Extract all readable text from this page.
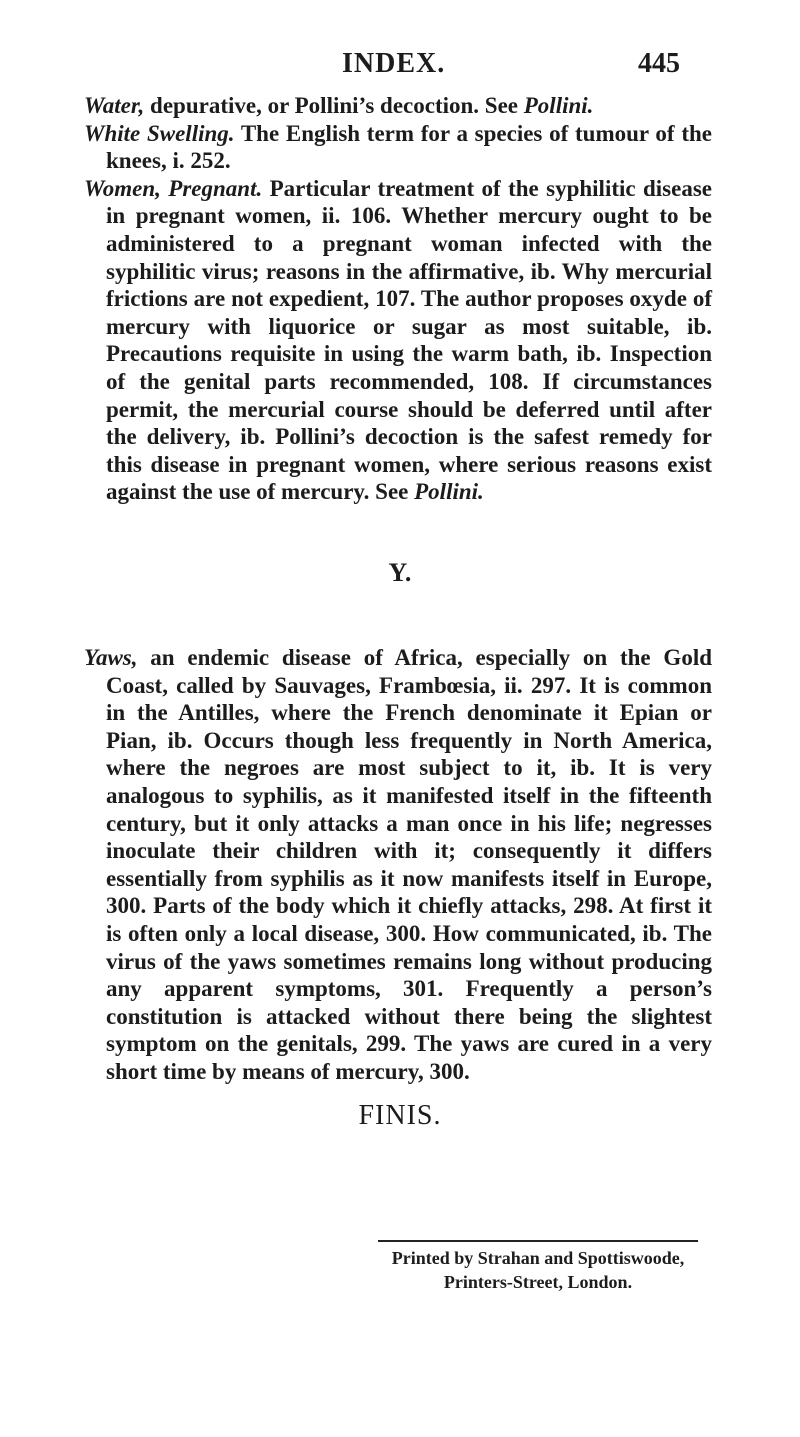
INDEX.	445

Water, depurative, or Pollini’s decoction. See Pollini.

White Swelling. The English term for a species of tumour of the knees, i. 252.

Women, Pregnant. Particular treatment of the syphilitic disease in pregnant women, ii. 106. Whether mercury ought to be administered to a pregnant woman infected with the syphilitic virus; reasons in the affirmative, ib. Why mercurial frictions are not expedient, 107. The author proposes oxyde of mercury with liquorice or sugar as most suitable, ib. Precautions requisite in using the warm bath, ib. Inspection of the genital parts recommended, 108. If circumstances permit, the mercurial course should be deferred until after the delivery, ib. Pollini’s decoction is the safest remedy for this disease in pregnant women, where serious reasons exist against the use of mercury. See Pollini.

Y.

Yaws, an endemic disease of Africa, especially on the Gold Coast, called by Sauvages, Frambœsia, ii. 297. It is common in the Antilles, where the French denominate it Epian or Pian, ib. Occurs though less frequently in North America, where the negroes are most subject to it, ib. It is very analogous to syphilis, as it manifested itself in the fifteenth century, but it only attacks a man once in his life; negresses inoculate their children with it; consequently it differs essentially from syphilis as it now manifests itself in Europe, 300. Parts of the body which it chiefly attacks, 298. At first it is often only a local disease, 300. How communicated, ib. The virus of the yaws sometimes remains long without producing any apparent symptoms, 301. Frequently a person’s constitution is attacked without there being the slightest symptom on the genitals, 299. The yaws are cured in a very short time by means of mercury, 300.

FINIS.
Printed by Strahan and Spottiswoode,
Printers-Street, London.
